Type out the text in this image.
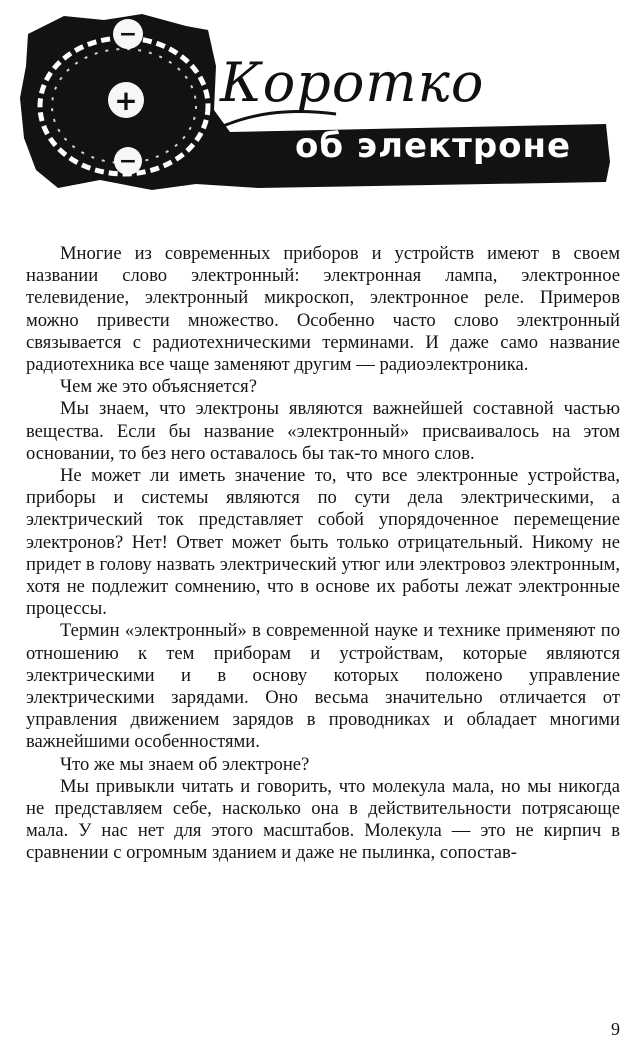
+
−
−
Коротко
об электроне

Многие из современных приборов и устройств имеют в своем названии слово электронный: электронная лампа, электронное телевидение, электронный микроскоп, электронное реле. Примеров можно привести множество. Особенно часто слово электронный связывается с радиотехническими терминами. И даже само название радиотехника все чаще заменяют другим — радиоэлектроника.

Чем же это объясняется?

Мы знаем, что электроны являются важнейшей составной частью вещества. Если бы название «электронный» присваивалось на этом основании, то без него оставалось бы так-то много слов.

Не может ли иметь значение то, что все электронные устройства, приборы и системы являются по сути дела электрическими, а электрический ток представляет собой упорядоченное перемещение электронов? Нет! Ответ может быть только отрицательный. Никому не придет в голову назвать электрический утюг или электровоз электронным, хотя не подлежит сомнению, что в основе их работы лежат электронные процессы.

Термин «электронный» в современной науке и технике применяют по отношению к тем приборам и устройствам, которые являются электрическими и в основу которых положено управление электрическими зарядами. Оно весьма значительно отличается от управления движением зарядов в проводниках и обладает многими важнейшими особенностями.

Что же мы знаем об электроне?

Мы привыкли читать и говорить, что молекула мала, но мы никогда не представляем себе, насколько она в действительности потрясающе мала. У нас нет для этого масштабов. Молекула — это не кирпич в сравнении с огромным зданием и даже не пылинка, сопостав-

9
